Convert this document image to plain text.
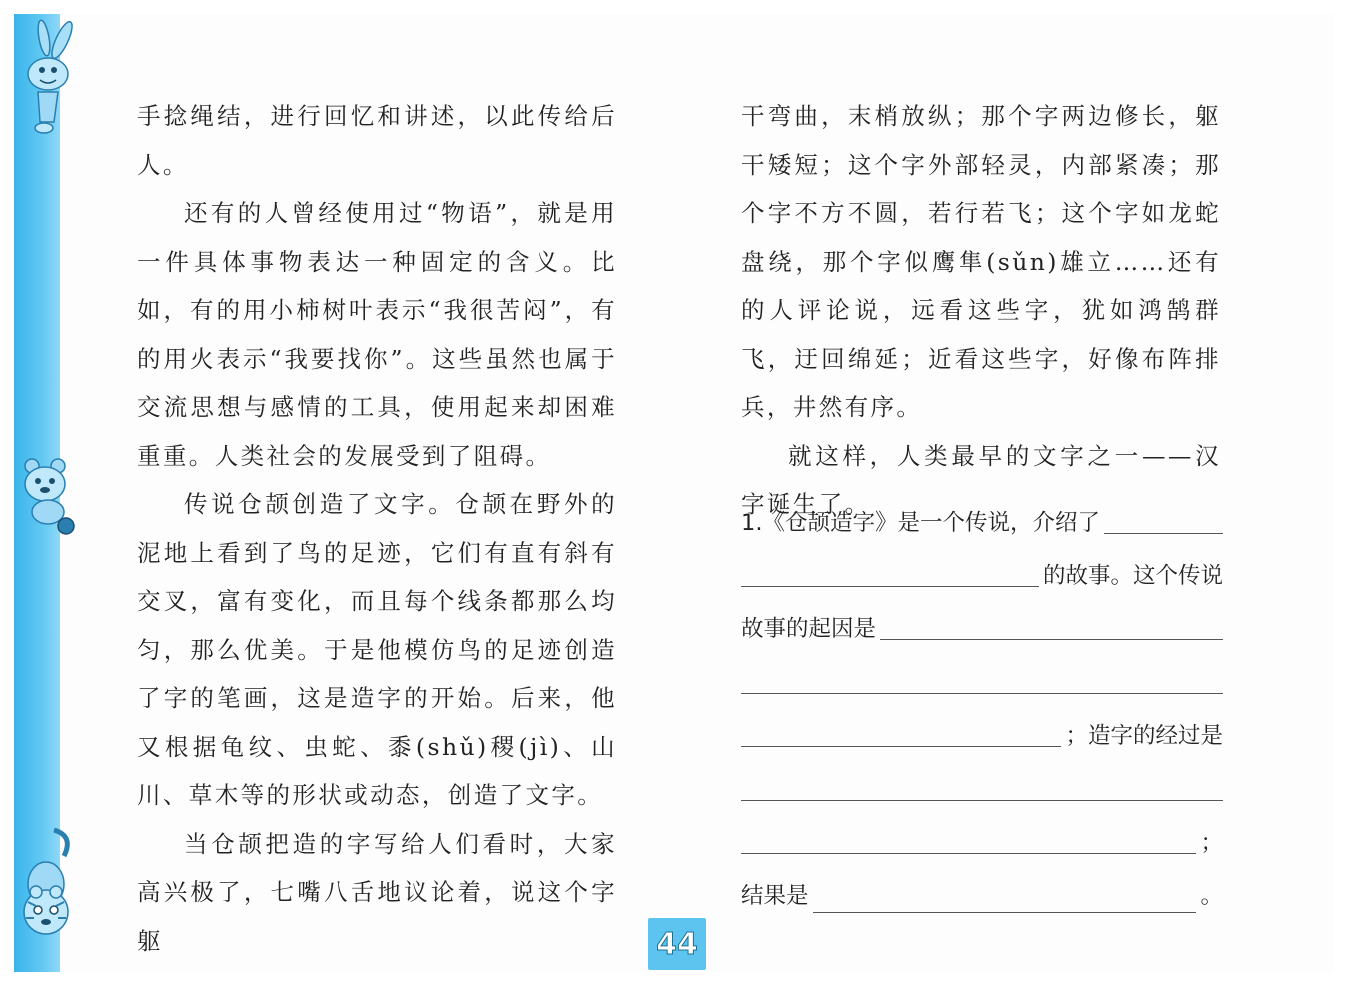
手捻绳结，进行回忆和讲述，以此传给后人。

还有的人曾经使用过“物语”，就是用一件具体事物表达一种固定的含义。比如，有的用小柿树叶表示“我很苦闷”，有的用火表示“我要找你”。这些虽然也属于交流思想与感情的工具，使用起来却困难重重。人类社会的发展受到了阻碍。

传说仓颉创造了文字。仓颉在野外的泥地上看到了鸟的足迹，它们有直有斜有交叉，富有变化，而且每个线条都那么均匀，那么优美。于是他模仿鸟的足迹创造了字的笔画，这是造字的开始。后来，他又根据龟纹、虫蛇、黍(shǔ)稷(jì)、山川、草木等的形状或动态，创造了文字。

当仓颉把造的字写给人们看时，大家高兴极了，七嘴八舌地议论着，说这个字躯

干弯曲，末梢放纵；那个字两边修长，躯干矮短；这个字外部轻灵，内部紧凑；那个字不方不圆，若行若飞；这个字如龙蛇盘绕，那个字似鹰隼(sǔn)雄立……还有的人评论说，远看这些字，犹如鸿鹄群飞，迂回绵延；近看这些字，好像布阵排兵，井然有序。

就这样，人类最早的文字之一——汉字诞生了。

1.《仓颉造字》是一个传说，介绍了
的故事。这个传说
故事的起因是
；造字的经过是
；
结果是	。
44
